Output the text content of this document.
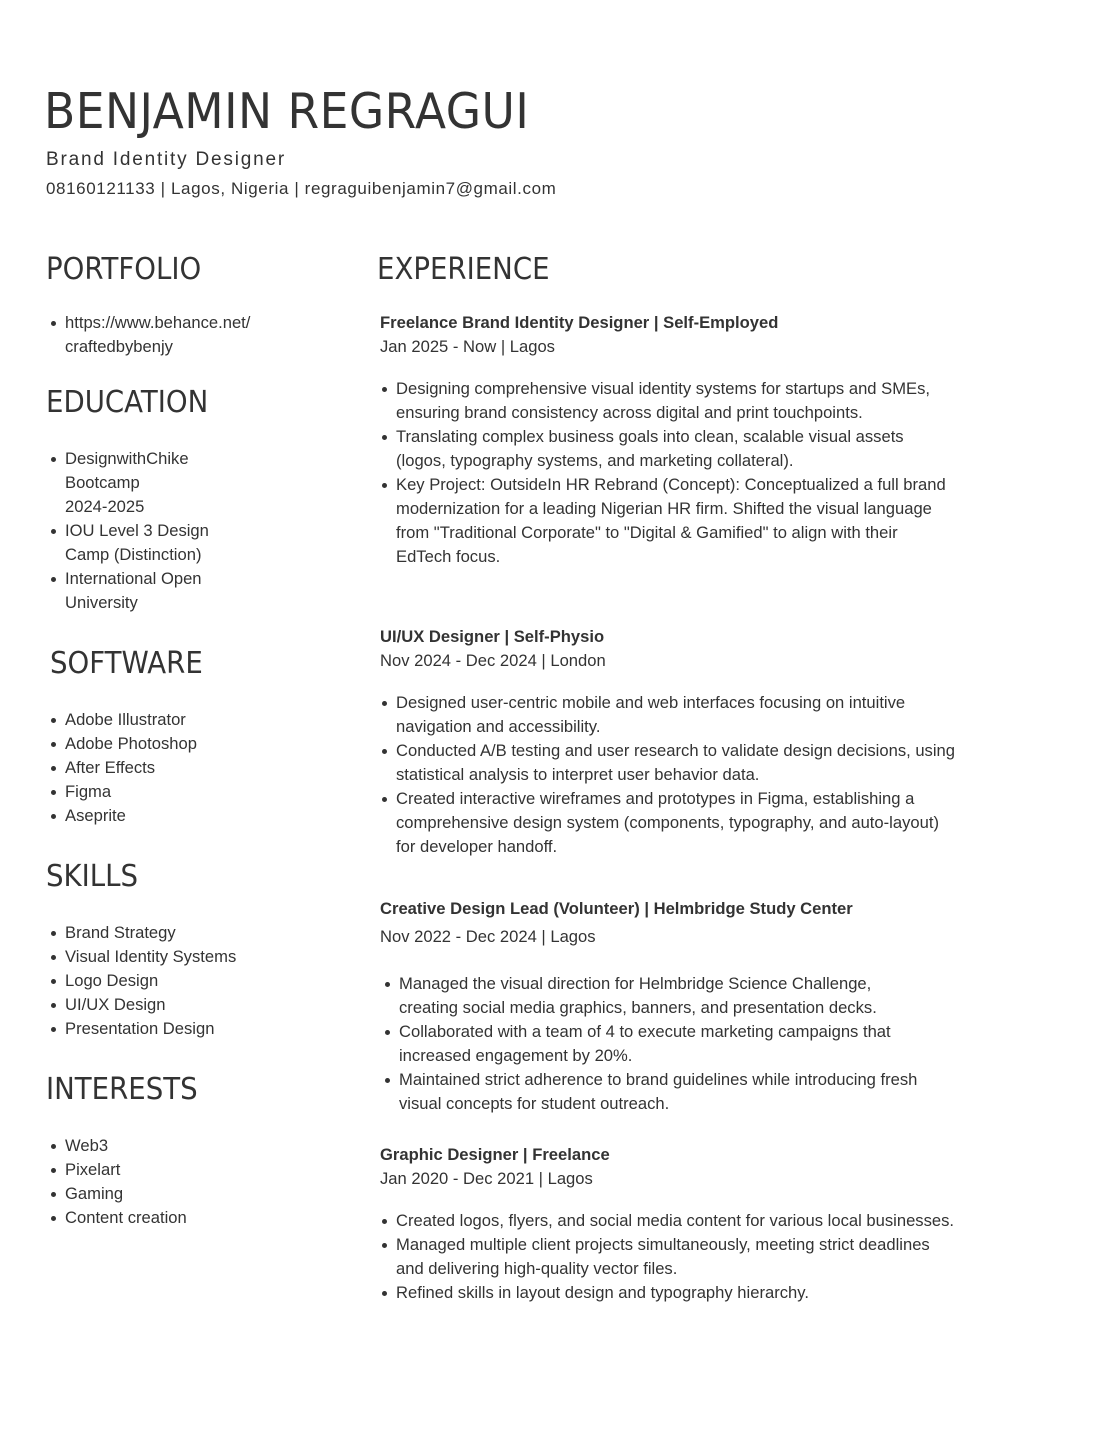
BENJAMIN REGRAGUI
Brand Identity Designer
08160121133 | Lagos, Nigeria | regraguibenjamin7@gmail.com
PORTFOLIO
https://www.behance.net/ craftedbybenjy
EDUCATION
DesignwithChike Bootcamp
2024-2025
IOU Level 3 Design Camp (Distinction)
International Open University
SOFTWARE
Adobe Illustrator
Adobe Photoshop
After Effects
Figma
Aseprite
SKILLS
Brand Strategy
Visual Identity Systems
Logo Design
UI/UX Design
Presentation Design
INTERESTS
Web3
Pixelart
Gaming
Content creation
EXPERIENCE
Freelance Brand Identity Designer | Self-Employed
Jan 2025 - Now | Lagos
Designing comprehensive visual identity systems for startups and SMEs, ensuring brand consistency across digital and print touchpoints.
Translating complex business goals into clean, scalable visual assets (logos, typography systems, and marketing collateral).
Key Project: OutsideIn HR Rebrand (Concept): Conceptualized a full brand modernization for a leading Nigerian HR firm. Shifted the visual language from "Traditional Corporate" to "Digital & Gamified" to align with their EdTech focus.
UI/UX Designer | Self-Physio
Nov 2024 - Dec 2024 | London
Designed user-centric mobile and web interfaces focusing on intuitive navigation and accessibility.
Conducted A/B testing and user research to validate design decisions, using statistical analysis to interpret user behavior data.
Created interactive wireframes and prototypes in Figma, establishing a comprehensive design system (components, typography, and auto-layout) for developer handoff.
Creative Design Lead (Volunteer) | Helmbridge Study Center
Nov 2022 - Dec 2024 | Lagos
Managed the visual direction for Helmbridge Science Challenge, creating social media graphics, banners, and presentation decks.
Collaborated with a team of 4 to execute marketing campaigns that increased engagement by 20%.
Maintained strict adherence to brand guidelines while introducing fresh visual concepts for student outreach.
Graphic Designer | Freelance
Jan 2020 - Dec 2021 | Lagos
Created logos, flyers, and social media content for various local businesses.
Managed multiple client projects simultaneously, meeting strict deadlines and delivering high-quality vector files.
Refined skills in layout design and typography hierarchy.
